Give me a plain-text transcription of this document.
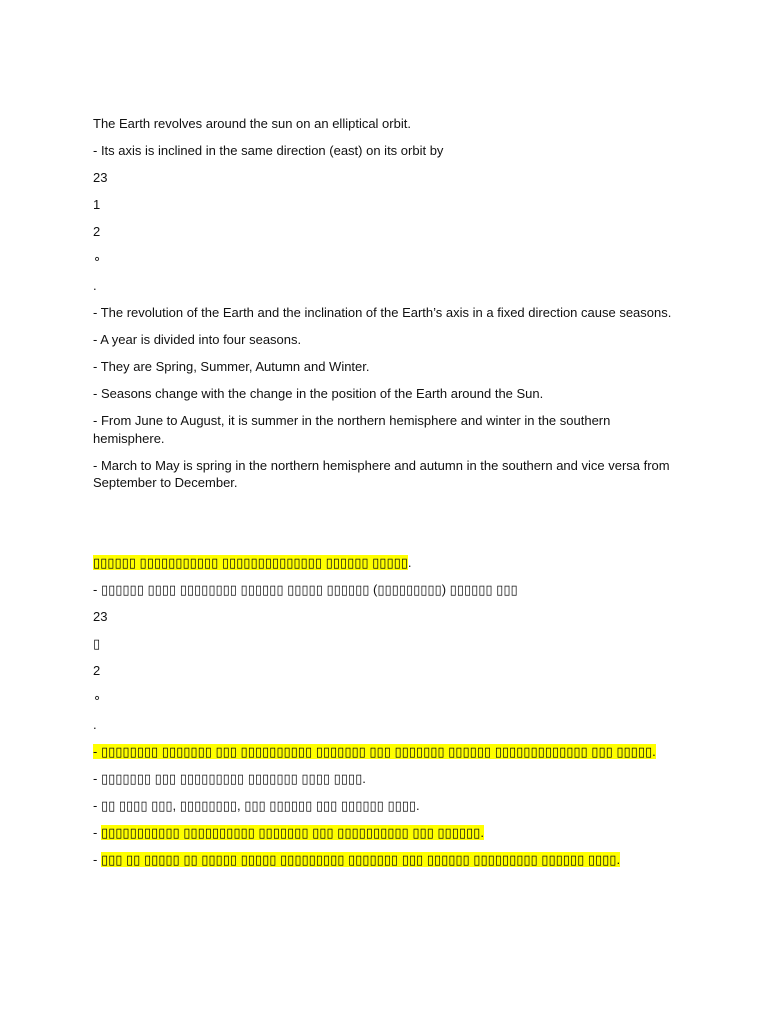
The Earth revolves around the sun on an elliptical orbit.

- Its axis is inclined in the same direction (east) on its orbit by

23

1

2

∘

.

- The revolution of the Earth and the inclination of the Earth’s axis in a fixed direction cause seasons.

- A year is divided into four seasons.

- They are Spring, Summer, Autumn and Winter.

- Seasons change with the change in the position of the Earth around the Sun.

- From June to August, it is summer in the northern hemisphere and winter in the southern hemisphere.

- March to May is spring in the northern hemisphere and autumn in the southern and vice versa from September to December.

▯▯▯▯▯▯ ▯▯▯▯▯▯▯▯▯▯▯ ▯▯▯▯▯▯▯▯▯▯▯▯▯▯ ▯▯▯▯▯▯ ▯▯▯▯▯.

- ▯▯▯▯▯▯ ▯▯▯▯ ▯▯▯▯▯▯▯▯ ▯▯▯▯▯▯ ▯▯▯▯▯ ▯▯▯▯▯▯ (▯▯▯▯▯▯▯▯▯) ▯▯▯▯▯▯ ▯▯▯

23

▯

2

∘

.

- ▯▯▯▯▯▯▯▯ ▯▯▯▯▯▯▯ ▯▯▯ ▯▯▯▯▯▯▯▯▯▯ ▯▯▯▯▯▯▯ ▯▯▯ ▯▯▯▯▯▯▯ ▯▯▯▯▯▯ ▯▯▯▯▯▯▯▯▯▯▯▯▯ ▯▯▯ ▯▯▯▯▯.

- ▯▯▯▯▯▯▯ ▯▯▯ ▯▯▯▯▯▯▯▯▯ ▯▯▯▯▯▯▯ ▯▯▯▯ ▯▯▯▯.

- ▯▯ ▯▯▯▯ ▯▯▯, ▯▯▯▯▯▯▯▯, ▯▯▯ ▯▯▯▯▯▯ ▯▯▯ ▯▯▯▯▯▯ ▯▯▯▯.

- ▯▯▯▯▯▯▯▯▯▯▯ ▯▯▯▯▯▯▯▯▯▯ ▯▯▯▯▯▯▯ ▯▯▯ ▯▯▯▯▯▯▯▯▯▯ ▯▯▯ ▯▯▯▯▯▯.

- ▯▯▯ ▯▯ ▯▯▯▯▯ ▯▯ ▯▯▯▯▯ ▯▯▯▯▯ ▯▯▯▯▯▯▯▯▯ ▯▯▯▯▯▯▯ ▯▯▯ ▯▯▯▯▯▯ ▯▯▯▯▯▯▯▯▯ ▯▯▯▯▯▯ ▯▯▯▯.
